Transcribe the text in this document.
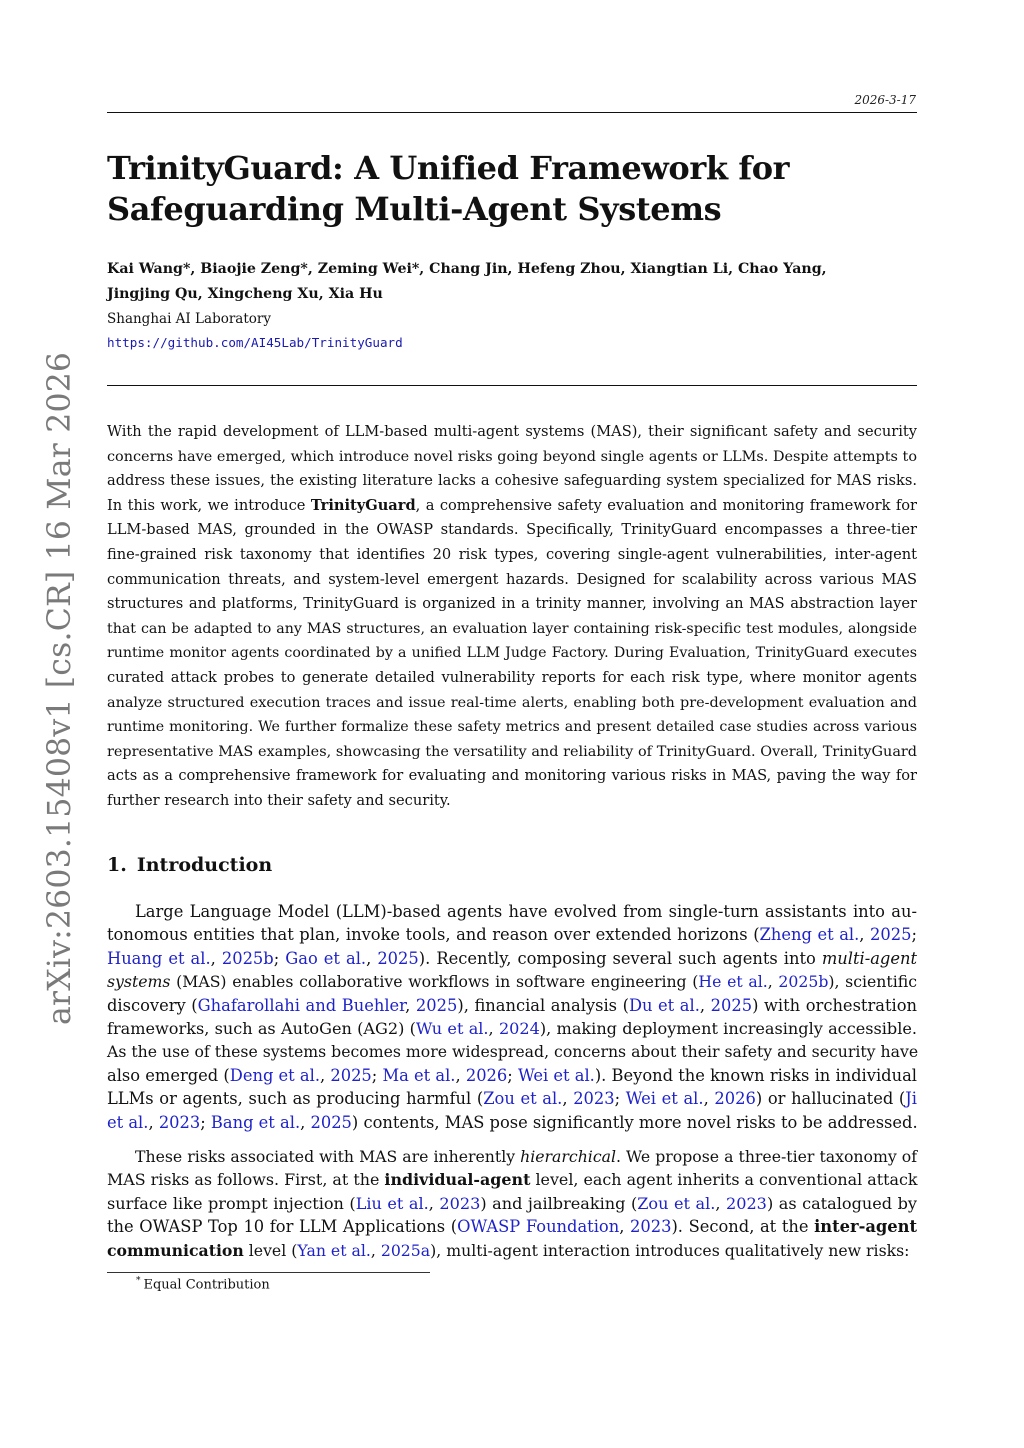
2026-3-17
arXiv:2603.15408v1 [cs.CR] 16 Mar 2026
TrinityGuard: A Unified Framework for
Safeguarding Multi-Agent Systems
Kai Wang*, Biaojie Zeng*, Zeming Wei*, Chang Jin, Hefeng Zhou, Xiangtian Li, Chao Yang,
Jingjing Qu, Xingcheng Xu, Xia Hu
Shanghai AI Laboratory
https://github.com/AI45Lab/TrinityGuard
With the rapid development of LLM-based multi-agent systems (MAS), their significant safety and security
concerns have emerged, which introduce novel risks going beyond single agents or LLMs. Despite attempts to
address these issues, the existing literature lacks a cohesive safeguarding system specialized for MAS risks.
In this work, we introduce TrinityGuard, a comprehensive safety evaluation and monitoring framework for
LLM-based MAS, grounded in the OWASP standards. Specifically, TrinityGuard encompasses a three-tier
fine-grained risk taxonomy that identifies 20 risk types, covering single-agent vulnerabilities, inter-agent
communication threats, and system-level emergent hazards. Designed for scalability across various MAS
structures and platforms, TrinityGuard is organized in a trinity manner, involving an MAS abstraction layer
that can be adapted to any MAS structures, an evaluation layer containing risk-specific test modules, alongside
runtime monitor agents coordinated by a unified LLM Judge Factory. During Evaluation, TrinityGuard executes
curated attack probes to generate detailed vulnerability reports for each risk type, where monitor agents
analyze structured execution traces and issue real-time alerts, enabling both pre-development evaluation and
runtime monitoring. We further formalize these safety metrics and present detailed case studies across various
representative MAS examples, showcasing the versatility and reliability of TrinityGuard. Overall, TrinityGuard
acts as a comprehensive framework for evaluating and monitoring various risks in MAS, paving the way for
further research into their safety and security.
1. Introduction
Large Language Model (LLM)-based agents have evolved from single-turn assistants into au-
tonomous entities that plan, invoke tools, and reason over extended horizons (Zheng et al., 2025;
Huang et al., 2025b; Gao et al., 2025). Recently, composing several such agents into multi-agent
systems (MAS) enables collaborative workflows in software engineering (He et al., 2025b), scientific
discovery (Ghafarollahi and Buehler, 2025), financial analysis (Du et al., 2025) with orchestration
frameworks, such as AutoGen (AG2) (Wu et al., 2024), making deployment increasingly accessible.
As the use of these systems becomes more widespread, concerns about their safety and security have
also emerged (Deng et al., 2025; Ma et al., 2026; Wei et al.). Beyond the known risks in individual
LLMs or agents, such as producing harmful (Zou et al., 2023; Wei et al., 2026) or hallucinated (Ji
et al., 2023; Bang et al., 2025) contents, MAS pose significantly more novel risks to be addressed.
These risks associated with MAS are inherently hierarchical. We propose a three-tier taxonomy of
MAS risks as follows. First, at the individual-agent level, each agent inherits a conventional attack
surface like prompt injection (Liu et al., 2023) and jailbreaking (Zou et al., 2023) as catalogued by
the OWASP Top 10 for LLM Applications (OWASP Foundation, 2023). Second, at the inter-agent
communication level (Yan et al., 2025a), multi-agent interaction introduces qualitatively new risks:
* Equal Contribution
